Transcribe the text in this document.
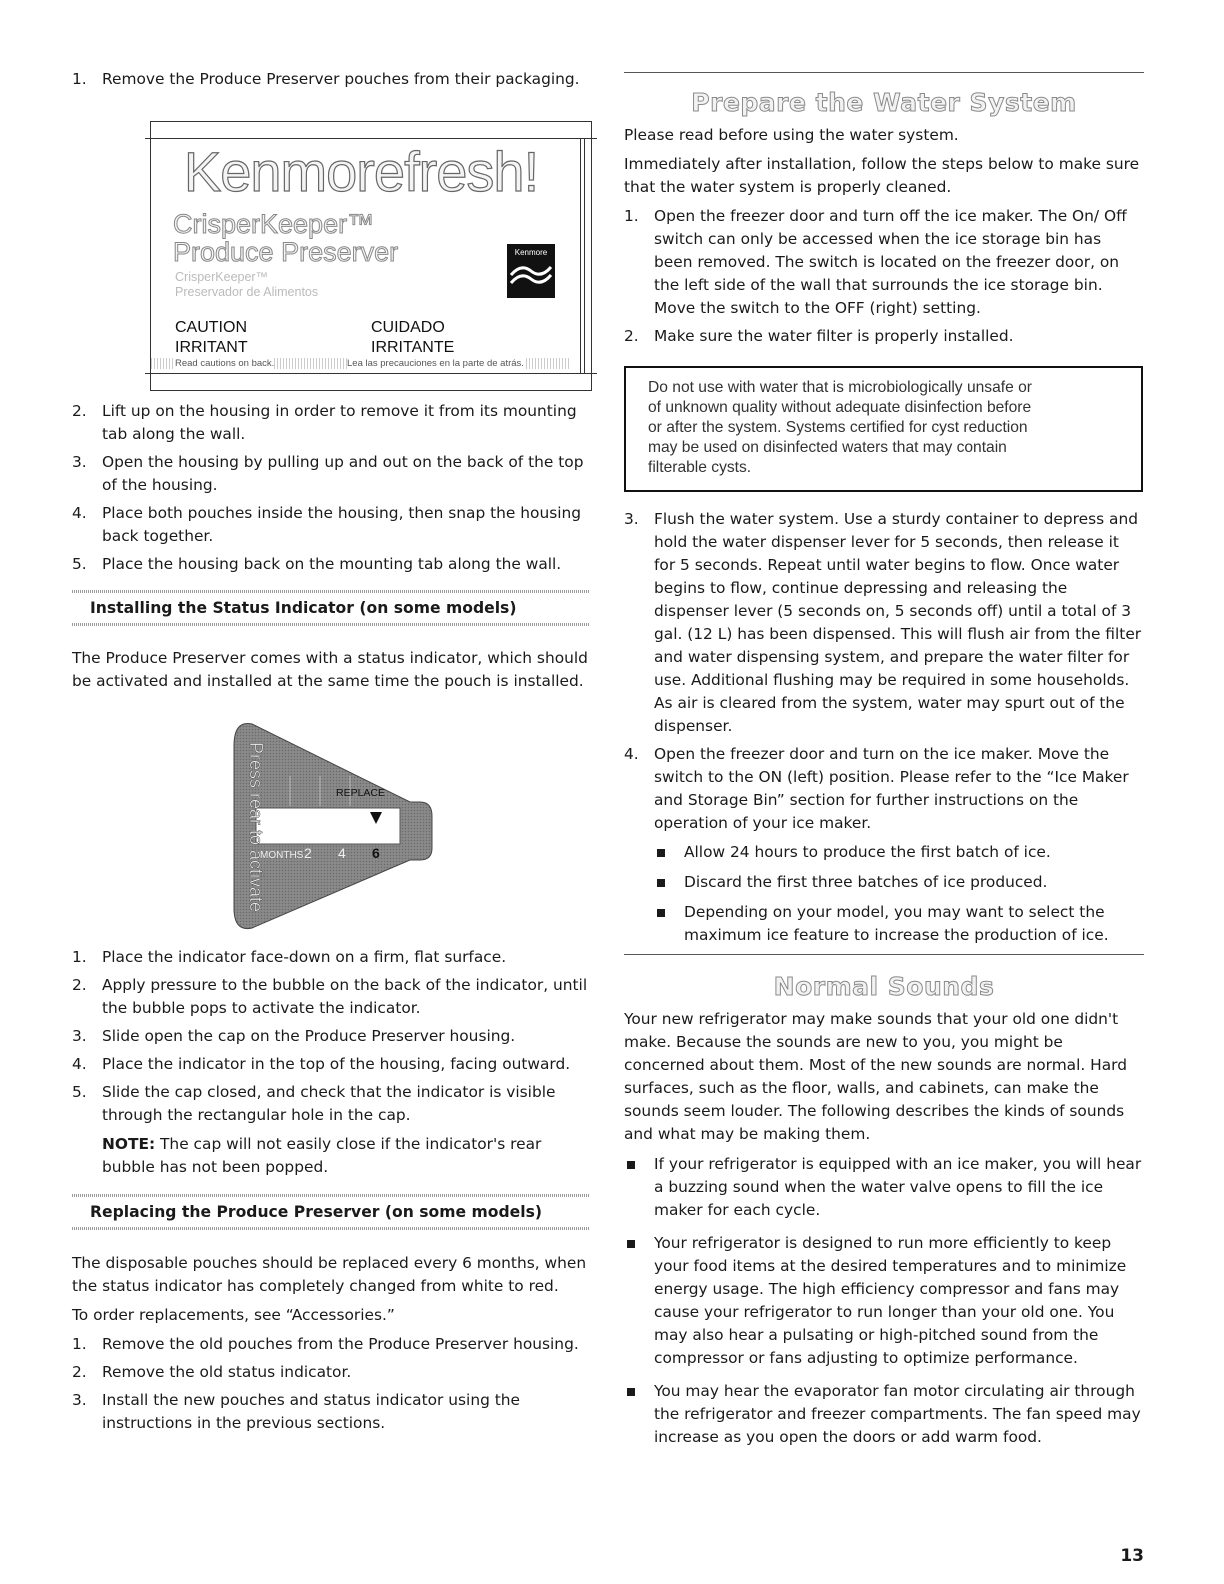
1. Remove the Produce Preserver pouches from their packaging.
Kenmorefresh!
CrisperKeeper™
Produce Preserver
CrisperKeeper™
Preservador de Alimentos
Kenmore
CAUTION
IRRITANT
CUIDADO
IRRITANTE
Read cautions on back.	Lea las precauciones en la parte de atrás.
2. Lift up on the housing in order to remove it from its mounting tab along the wall.
3. Open the housing by pulling up and out on the back of the top of the housing.
4. Place both pouches inside the housing, then snap the housing back together.
5. Place the housing back on the mounting tab along the wall.
Installing the Status Indicator (on some models)

The Produce Preserver comes with a status indicator, which should be activated and installed at the same time the pouch is installed.

Press rear to activate	REPLACE
MONTHS 2 4 6
1. Place the indicator face-down on a firm, flat surface.
2. Apply pressure to the bubble on the back of the indicator, until the bubble pops to activate the indicator.
3. Slide open the cap on the Produce Preserver housing.
4. Place the indicator in the top of the housing, facing outward.
5. Slide the cap closed, and check that the indicator is visible through the rectangular hole in the cap.

NOTE: The cap will not easily close if the indicator's rear bubble has not been popped.

Replacing the Produce Preserver (on some models)

The disposable pouches should be replaced every 6 months, when the status indicator has completely changed from white to red.

To order replacements, see “Accessories.”

1. Remove the old pouches from the Produce Preserver housing.
2. Remove the old status indicator.
3. Install the new pouches and status indicator using the instructions in the previous sections.
Prepare the Water System

Please read before using the water system.

Immediately after installation, follow the steps below to make sure that the water system is properly cleaned.

1. Open the freezer door and turn off the ice maker. The On/ Off switch can only be accessed when the ice storage bin has been removed. The switch is located on the freezer door, on the left side of the wall that surrounds the ice storage bin. Move the switch to the OFF (right) setting.
2. Make sure the water filter is properly installed.
Do not use with water that is microbiologically unsafe or
of unknown quality without adequate disinfection before
or after the system. Systems certified for cyst reduction
may be used on disinfected waters that may contain
filterable cysts.
3. Flush the water system. Use a sturdy container to depress and hold the water dispenser lever for 5 seconds, then release it for 5 seconds. Repeat until water begins to flow. Once water begins to flow, continue depressing and releasing the dispenser lever (5 seconds on, 5 seconds off) until a total of 3 gal. (12 L) has been dispensed. This will flush air from the filter and water dispensing system, and prepare the water filter for use. Additional flushing may be required in some households. As air is cleared from the system, water may spurt out of the dispenser.
4. Open the freezer door and turn on the ice maker. Move the switch to the ON (left) position. Please refer to the “Ice Maker and Storage Bin” section for further instructions on the operation of your ice maker.
Allow 24 hours to produce the first batch of ice.
Discard the first three batches of ice produced.
Depending on your model, you may want to select the maximum ice feature to increase the production of ice.
Normal Sounds

Your new refrigerator may make sounds that your old one didn't make. Because the sounds are new to you, you might be concerned about them. Most of the new sounds are normal. Hard surfaces, such as the floor, walls, and cabinets, can make the sounds seem louder. The following describes the kinds of sounds and what may be making them.

If your refrigerator is equipped with an ice maker, you will hear a buzzing sound when the water valve opens to fill the ice maker for each cycle.
Your refrigerator is designed to run more efficiently to keep your food items at the desired temperatures and to minimize energy usage. The high efficiency compressor and fans may cause your refrigerator to run longer than your old one. You may also hear a pulsating or high-pitched sound from the compressor or fans adjusting to optimize performance.
You may hear the evaporator fan motor circulating air through the refrigerator and freezer compartments. The fan speed may increase as you open the doors or add warm food.
13
